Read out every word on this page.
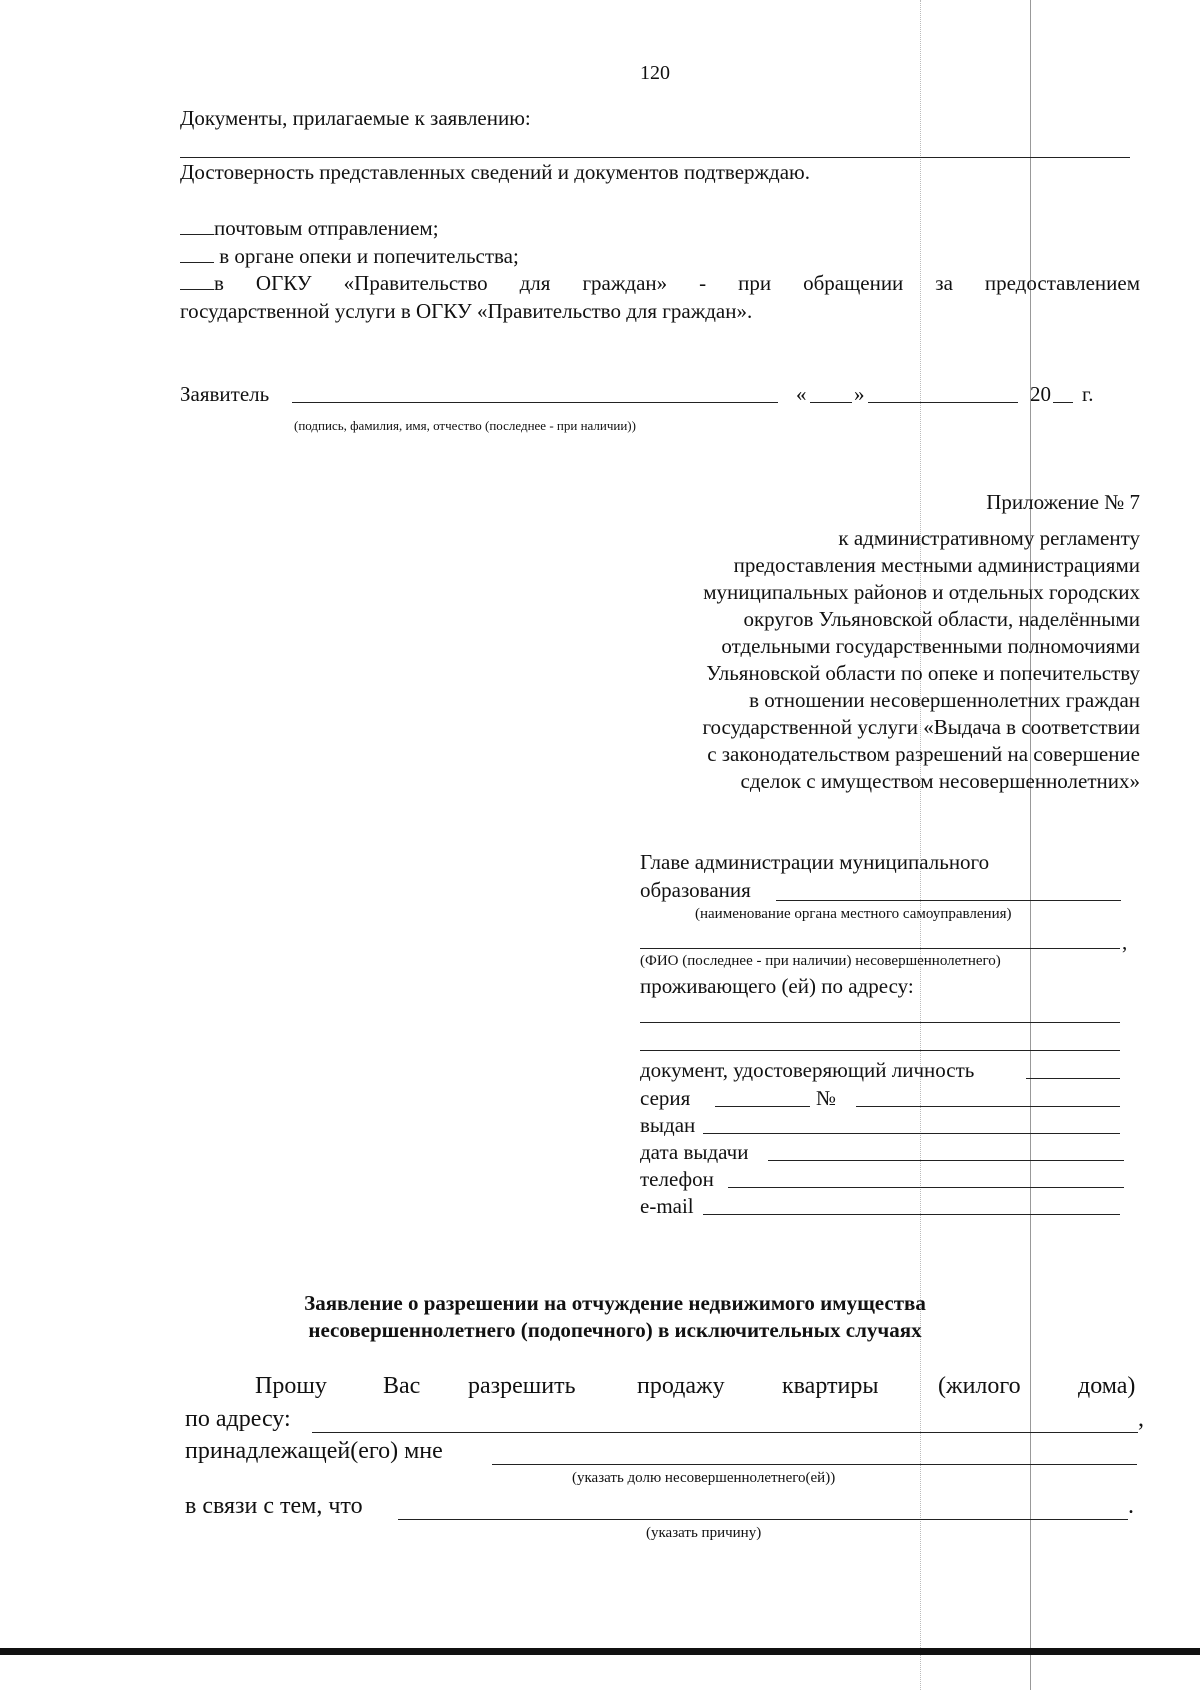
120
Документы, прилагаемые к заявлению:
Достоверность представленных сведений и документов подтверждаю.
почтовым отправлением;
в органе опеки и попечительства;
в ОГКУ «Правительство для граждан» - при обращении за предоставлением
государственной услуги в ОГКУ «Правительство для граждан».
Заявитель	« »	20 г.
(подпись, фамилия, имя, отчество (последнее - при наличии))
Приложение № 7
к административному регламенту
предоставления местными администрациями
муниципальных районов и отдельных городских
округов Ульяновской области, наделёнными
отдельными государственными полномочиями
Ульяновской области по опеке и попечительству
в отношении несовершеннолетних граждан
государственной услуги «Выдача в соответствии
с законодательством разрешений на совершение
сделок с имуществом несовершеннолетних»
Главе администрации муниципального
образования
(наименование органа местного самоуправления)
,
(ФИО (последнее - при наличии) несовершеннолетнего)
проживающего (ей) по адресу:
документ, удостоверяющий личность
серия	№
выдан
дата выдачи
телефон
e-mail
Заявление о разрешении на отчуждение недвижимого имущества
несовершеннолетнего (подопечного) в исключительных случаях
Прошу Вас разрешить	продажу квартиры (жилого дома)
по адресу:	,
принадлежащей(его) мне
(указать долю несовершеннолетнего(ей))
в связи с тем, что	.
(указать причину)
